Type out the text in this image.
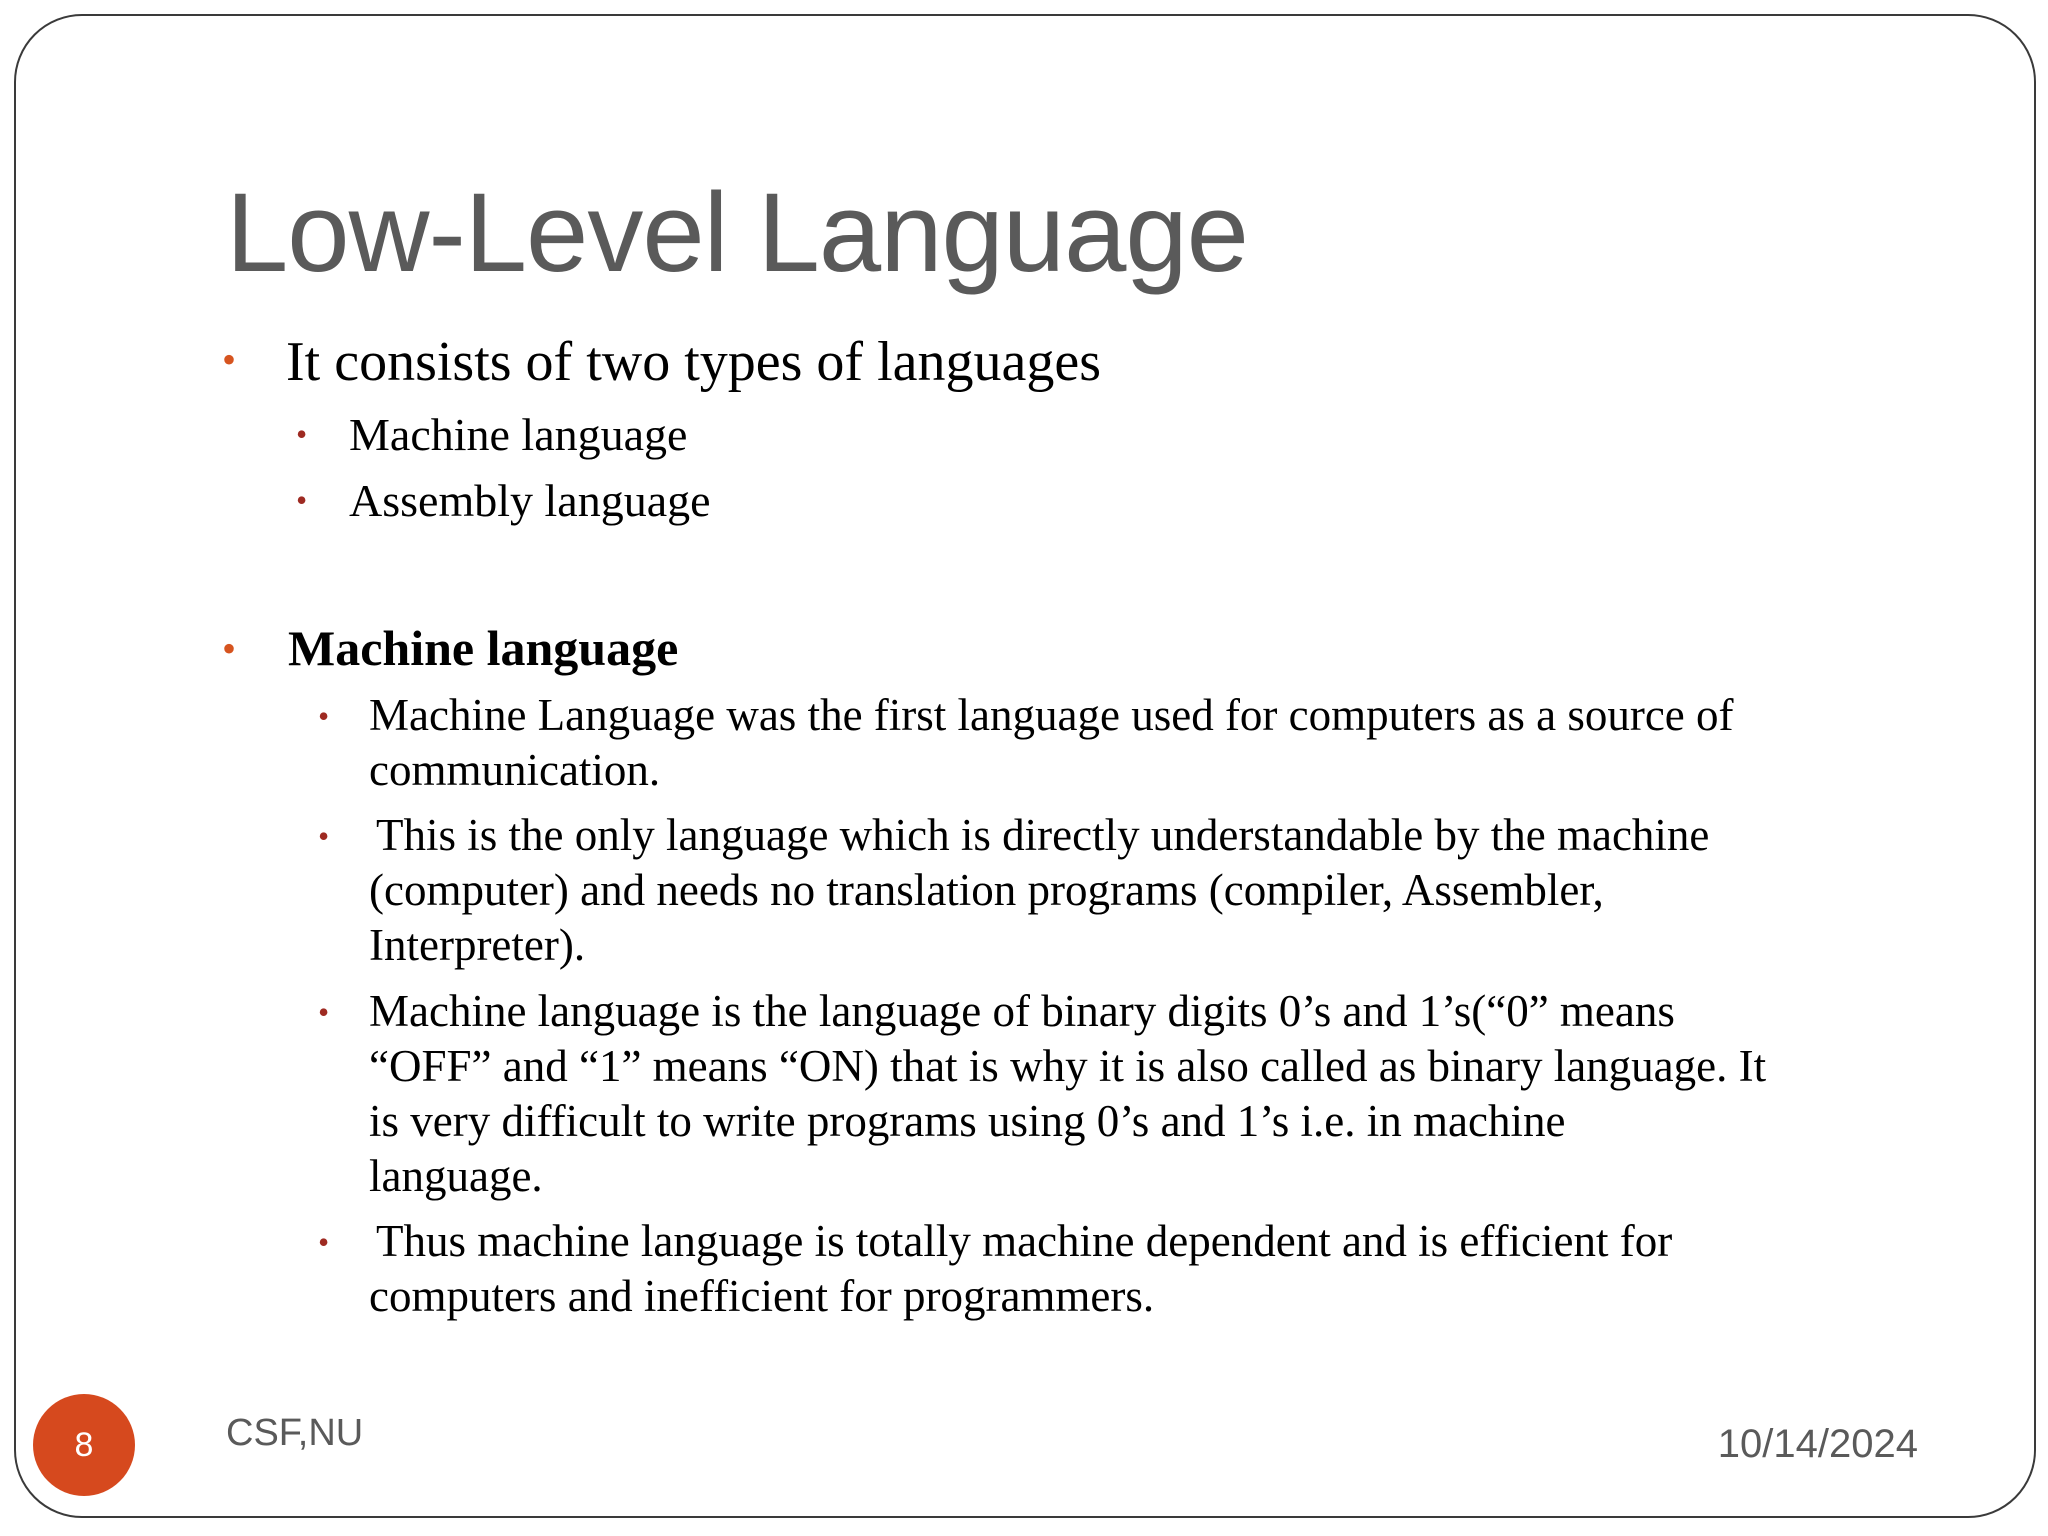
Low-Level Language
• It consists of two types of languages
• Machine language
• Assembly language
• Machine language
• Machine Language was the first language used for computers as a source of
communication.
• This is the only language which is directly understandable by the machine
(computer) and needs no translation programs (compiler, Assembler,
Interpreter).
• Machine language is the language of binary digits 0’s and 1’s(“0” means
“OFF” and “1” means “ON) that is why it is also called as binary language. It
is very difficult to write programs using 0’s and 1’s i.e. in machine
language.
• Thus machine language is totally machine dependent and is efficient for
computers and inefficient for programmers.
8	CSF,NU	10/14/2024
